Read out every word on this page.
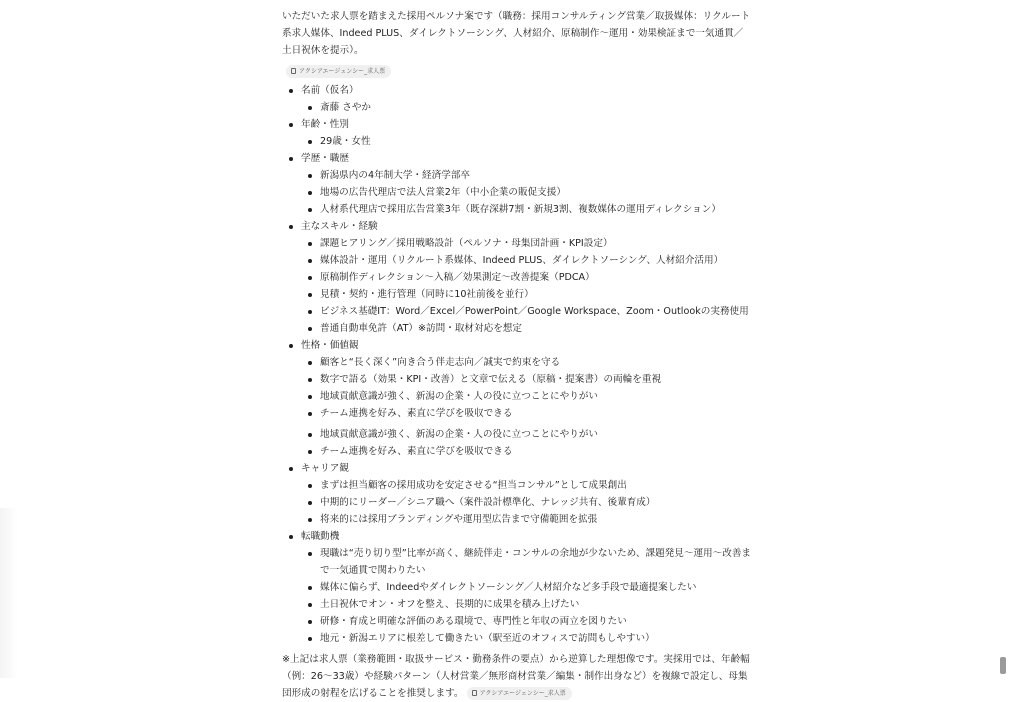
いただいた求人票を踏まえた採用ペルソナ案です（職務：採用コンサルティング営業／取扱媒体：リクルート系求人媒体、Indeed PLUS、ダイレクトソーシング、人材紹介、原稿制作〜運用・効果検証まで一気通貫／土日祝休を提示）。

アクシアエージェンシー_求人票
名前（仮名）
斎藤 さやか
年齢・性別
29歳・女性
学歴・職歴
新潟県内の4年制大学・経済学部卒
地場の広告代理店で法人営業2年（中小企業の販促支援）
人材系代理店で採用広告営業3年（既存深耕7割・新規3割、複数媒体の運用ディレクション）
主なスキル・経験
課題ヒアリング／採用戦略設計（ペルソナ・母集団計画・KPI設定）
媒体設計・運用（リクルート系媒体、Indeed PLUS、ダイレクトソーシング、人材紹介活用）
原稿制作ディレクション〜入稿／効果測定〜改善提案（PDCA）
見積・契約・進行管理（同時に10社前後を並行）
ビジネス基礎IT：Word／Excel／PowerPoint／Google Workspace、Zoom・Outlookの実務使用
普通自動車免許（AT）※訪問・取材対応を想定
性格・価値観
顧客と“長く深く”向き合う伴走志向／誠実で約束を守る
数字で語る（効果・KPI・改善）と文章で伝える（原稿・提案書）の両輪を重視
地域貢献意識が強く、新潟の企業・人の役に立つことにやりがい
チーム連携を好み、素直に学びを吸収できる
地域貢献意識が強く、新潟の企業・人の役に立つことにやりがい
チーム連携を好み、素直に学びを吸収できる
キャリア観
まずは担当顧客の採用成功を安定させる“担当コンサル”として成果創出
中期的にリーダー／シニア職へ（案件設計標準化、ナレッジ共有、後輩育成）
将来的には採用ブランディングや運用型広告まで守備範囲を拡張
転職動機
現職は“売り切り型”比率が高く、継続伴走・コンサルの余地が少ないため、課題発見〜運用〜改善まで一気通貫で関わりたい
媒体に偏らず、Indeedやダイレクトソーシング／人材紹介など多手段で最適提案したい
土日祝休でオン・オフを整え、長期的に成果を積み上げたい
研修・育成と明確な評価のある環境で、専門性と年収の両立を図りたい
地元・新潟エリアに根差して働きたい（駅至近のオフィスで訪問もしやすい）

※上記は求人票（業務範囲・取扱サービス・勤務条件の要点）から逆算した理想像です。実採用では、年齢幅（例：26〜33歳）や経験パターン（人材営業／無形商材営業／編集・制作出身など）を複線で設定し、母集団形成の射程を広げることを推奨します。	アクシアエージェンシー_求人票
